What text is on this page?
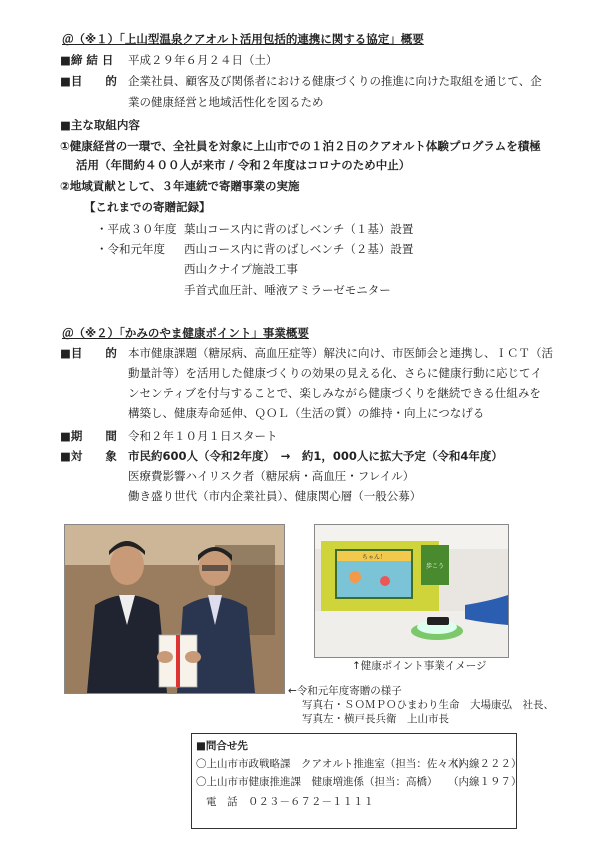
＠（※１）「上山型温泉クアオルト活用包括的連携に関する協定」概要
■締 結 日 平成２９年６月２４日（土）
■目　　的 企業社員、顧客及び関係者における健康づくりの推進に向けた取組を通じて、企
業の健康経営と地域活性化を図るため
■主な取組内容
①健康経営の一環で、全社員を対象に上山市での１泊２日のクアオルト体験プログラムを積極
活用（年間約４００人が来市 / 令和２年度はコロナのため中止）
②地域貢献として、３年連続で寄贈事業の実施
【これまでの寄贈記録】
・平成３０年度 葉山コース内に背のばしベンチ（１基）設置
・令和元年度 西山コース内に背のばしベンチ（２基）設置
西山クナイプ施設工事
手首式血圧計、唾液アミラーゼモニター
＠（※２）「かみのやま健康ポイント」事業概要
■目　　的 本市健康課題（糖尿病、高血圧症等）解決に向け、市医師会と連携し、ＩＣＴ（活
動量計等）を活用した健康づくりの効果の見える化、さらに健康行動に応じてイ
ンセンティブを付与することで、楽しみながら健康づくりを継続できる仕組みを
構築し、健康寿命延伸、ＱＯＬ（生活の質）の維持・向上につなげる
■期　　間 令和２年１０月１日スタート
■対　　象 市民約600人（令和2年度）　→　約1，000人に拡大予定（令和4年度）
医療費影響ハイリスク者（糖尿病・高血圧・フレイル）
働き盛り世代（市内企業社員）、健康関心層（一般公募）
ちゃん！
歩こう
↑健康ポイント事業イメージ
←令和元年度寄贈の様子
写真右・ＳＯＭＰＯひまわり生命　大場康弘　社長、
写真左・横戸長兵衛　上山市長
■問合せ先
〇上山市市政戦略課　クアオルト推進室（担当：佐々木）
（内線２２２）
〇上山市市健康推進課　健康増進係（担当：高橋） （内線１９７）
電　話　０２３－６７２－１１１１
